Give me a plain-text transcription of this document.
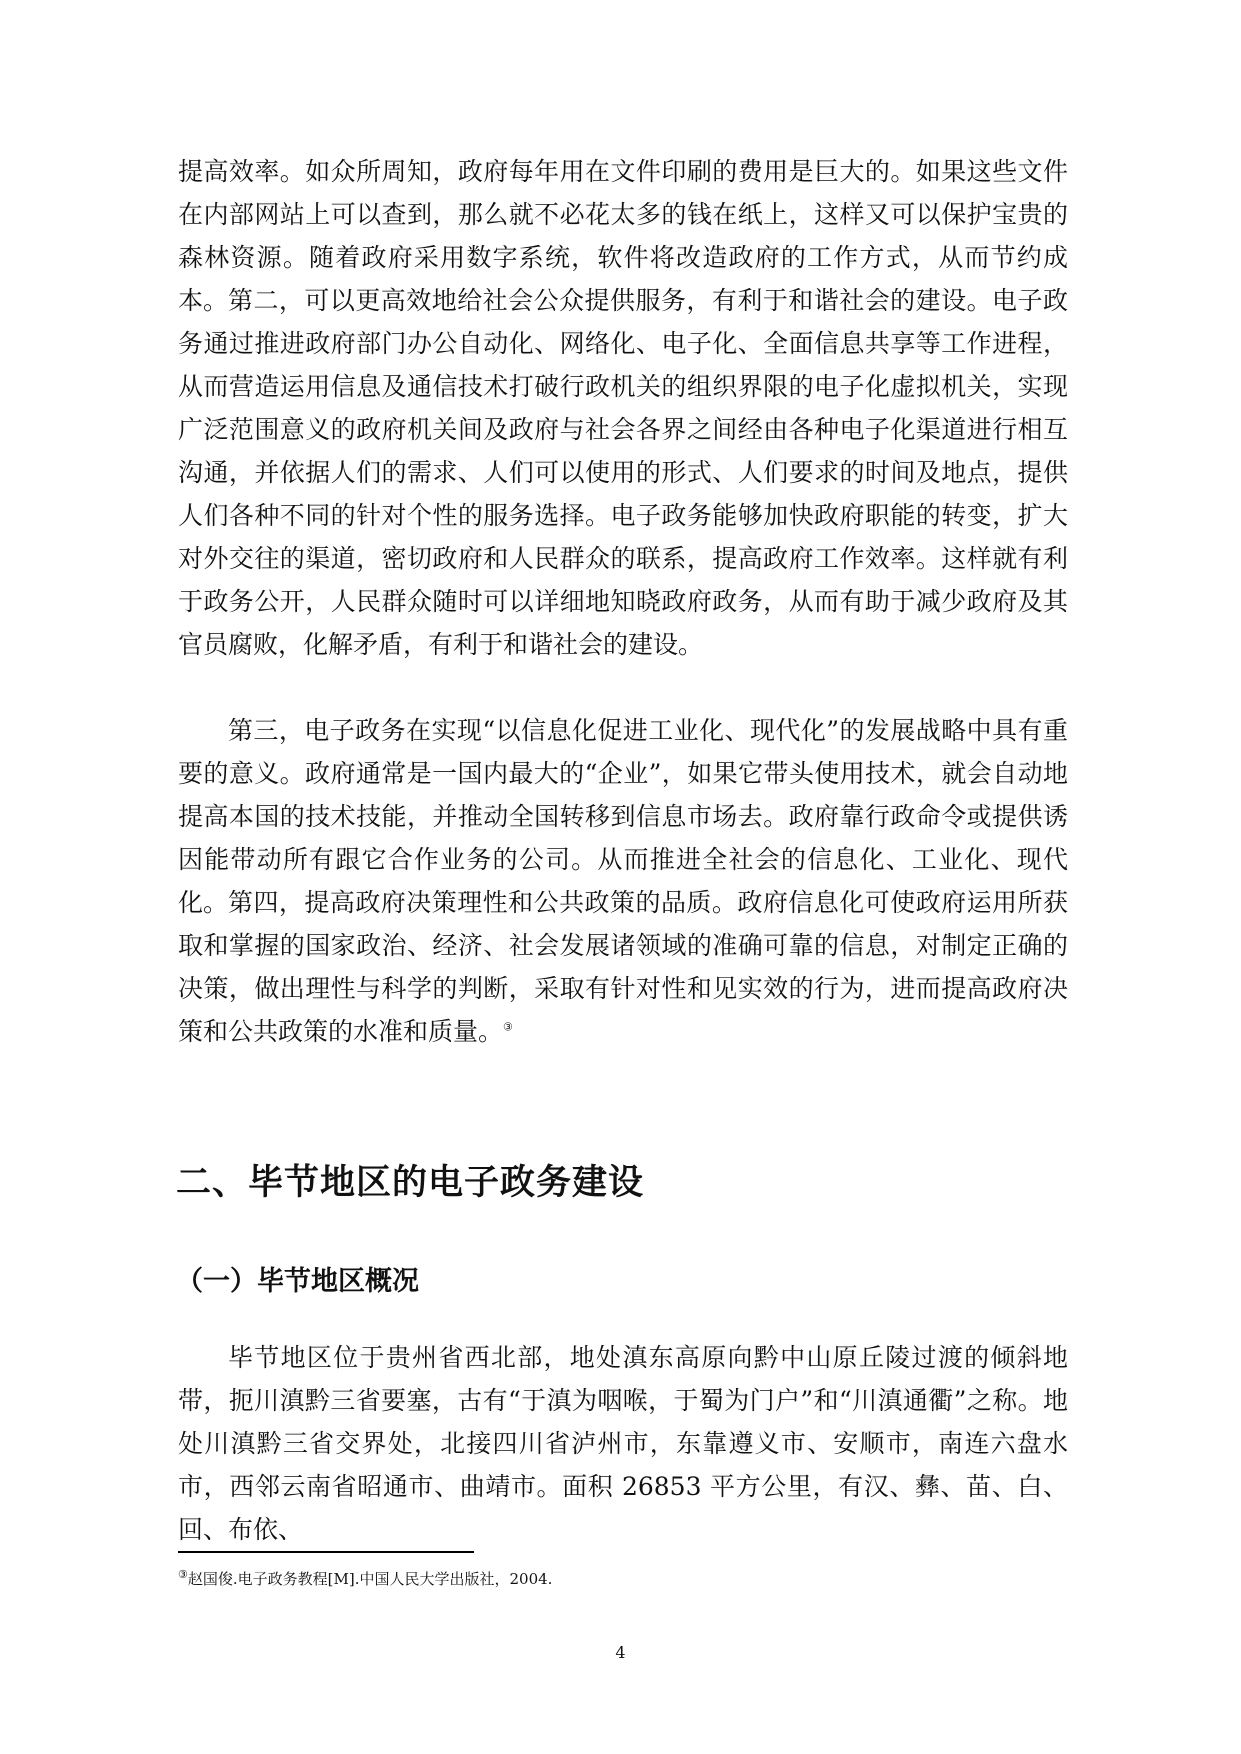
提高效率。如众所周知，政府每年用在文件印刷的费用是巨大的。如果这些文件在内部网站上可以查到，那么就不必花太多的钱在纸上，这样又可以保护宝贵的森林资源。随着政府采用数字系统，软件将改造政府的工作方式，从而节约成本。 第二，可以更高效地给社会公众提供服务，有利于和谐社会的建设。电子政务通过推进政府部门办公自动化、网络化、电子化、全面信息共享等工作进程，从而营造运用信息及通信技术打破行政机关的组织界限的电子化虚拟机关，实现广泛范围意义的政府机关间及政府与社会各界之间经由各种电子化渠道进行相互沟通，并依据人们的需求、人们可以使用的形式、人们要求的时间及地点，提供人们各种不同的针对个性的服务选择。电子政务能够加快政府职能的转变，扩大对外交往的渠道，密切政府和人民群众的联系，提高政府工作效率。这样就有利于政务公开，人民群众随时可以详细地知晓政府政务，从而有助于减少政府及其官员腐败，化解矛盾，有利于和谐社会的建设。

第三，电子政务在实现“以信息化促进工业化、现代化”的发展战略中具有重要的意义。政府通常是一国内最大的“企业”，如果它带头使用技术，就会自动地提高本国的技术技能，并推动全国转移到信息市场去。政府靠行政命令或提供诱因能带动所有跟它合作业务的公司。从而推进全社会的信息化、工业化、现代化。 第四，提高政府决策理性和公共政策的品质。政府信息化可使政府运用所获取和掌握的国家政治、经济、社会发展诸领域的准确可靠的信息，对制定正确的决策，做出理性与科学的判断，采取有针对性和见实效的行为，进而提高政府决策和公共政策的水准和质量。③

二、毕节地区的电子政务建设
（一）毕节地区概况

毕节地区位于贵州省西北部，地处滇东高原向黔中山原丘陵过渡的倾斜地带，扼川滇黔三省要塞，古有“于滇为咽喉，于蜀为门户”和“川滇通衢”之称。地处川滇黔三省交界处，北接四川省泸州市，东靠遵义市、安顺市，南连六盘水市，西邻云南省昭通市、曲靖市。面积 26853 平方公里，有汉、彝、苗、白、回、布依、

③赵国俊.电子政务教程[M].中国人民大学出版社，2004.

4
